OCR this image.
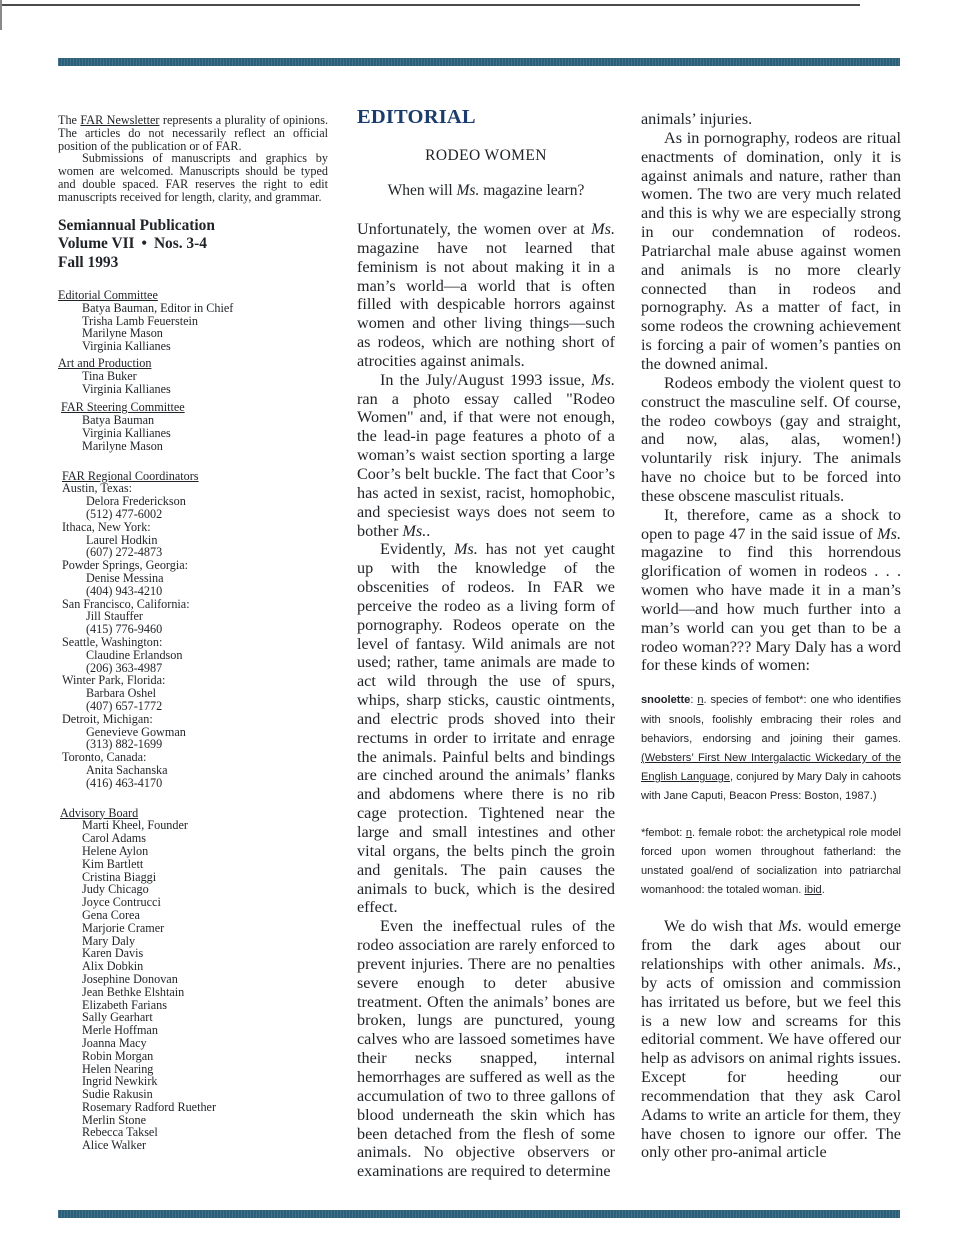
The FAR Newsletter represents a plurality of opinions. The articles do not necessarily reflect an official position of the publication or of FAR.

Submissions of manuscripts and graphics by women are welcomed. Manuscripts should be typed and double spaced. FAR reserves the right to edit manuscripts received for length, clarity, and grammar.

Semiannual Publication
Volume VII • Nos. 3-4
Fall 1993
Editorial Committee
Batya Bauman, Editor in Chief
Trisha Lamb Feuerstein
Marilyne Mason
Virginia Kallianes
Art and Production
Tina Buker
Virginia Kallianes
FAR Steering Committee
Batya Bauman
Virginia Kallianes
Marilyne Mason
FAR Regional Coordinators
Austin, Texas:
Delora Frederickson
(512) 477-6002
Ithaca, New York:
Laurel Hodkin
(607) 272-4873
Powder Springs, Georgia:
Denise Messina
(404) 943-4210
San Francisco, California:
Jill Stauffer
(415) 776-9460
Seattle, Washington:
Claudine Erlandson
(206) 363-4987
Winter Park, Florida:
Barbara Oshel
(407) 657-1772
Detroit, Michigan:
Genevieve Gowman
(313) 882-1699
Toronto, Canada:
Anita Sachanska
(416) 463-4170
Advisory Board
Marti Kheel, Founder
Carol Adams
Helene Aylon
Kim Bartlett
Cristina Biaggi
Judy Chicago
Joyce Contrucci
Gena Corea
Marjorie Cramer
Mary Daly
Karen Davis
Alix Dobkin
Josephine Donovan
Jean Bethke Elshtain
Elizabeth Farians
Sally Gearhart
Merle Hoffman
Joanna Macy
Robin Morgan
Helen Nearing
Ingrid Newkirk
Sudie Rakusin
Rosemary Radford Ruether
Merlin Stone
Rebecca Taksel
Alice Walker
EDITORIAL
RODEO WOMEN
When will Ms. magazine learn?

Unfortunately, the women over at Ms. magazine have not learned that feminism is not about making it in a man’s world—a world that is often filled with despicable horrors against women and other living things—such as rodeos, which are nothing short of atrocities against animals.

In the July/August 1993 issue, Ms. ran a photo essay called "Rodeo Women" and, if that were not enough, the lead-in page features a photo of a woman’s waist section sporting a large Coor’s belt buckle. The fact that Coor’s has acted in sexist, racist, homophobic, and speciesist ways does not seem to bother Ms..

Evidently, Ms. has not yet caught up with the knowledge of the obscenities of rodeos. In FAR we perceive the rodeo as a living form of pornography. Rodeos operate on the level of fantasy. Wild animals are not used; rather, tame animals are made to act wild through the use of spurs, whips, sharp sticks, caustic ointments, and electric prods shoved into their rectums in order to irritate and enrage the animals. Painful belts and bindings are cinched around the animals’ flanks and abdomens where there is no rib cage protection. Tightened near the large and small intestines and other vital organs, the belts pinch the groin and genitals. The pain causes the animals to buck, which is the desired effect.

Even the ineffectual rules of the rodeo association are rarely enforced to prevent injuries. There are no penalties severe enough to deter abusive treatment. Often the animals’ bones are broken, lungs are punctured, young calves who are lassoed sometimes have their necks snapped, internal hemorrhages are suffered as well as the accumulation of two to three gallons of blood underneath the skin which has been detached from the flesh of some animals. No objective observers or examinations are required to determine

animals’ injuries.

As in pornography, rodeos are ritual enactments of domination, only it is against animals and nature, rather than women. The two are very much related and this is why we are especially strong in our condemnation of rodeos. Patriarchal male abuse against women and animals is no more clearly connected than in rodeos and pornography. As a matter of fact, in some rodeos the crowning achievement is forcing a pair of women’s panties on the downed animal.

Rodeos embody the violent quest to construct the masculine self. Of course, the rodeo cowboys (gay and straight, and now, alas, alas, women!) voluntarily risk injury. The animals have no choice but to be forced into these obscene masculist rituals.

It, therefore, came as a shock to open to page 47 in the said issue of Ms. magazine to find this horrendous glorification of women in rodeos . . . women who have made it in a man’s world—and how much further into a man’s world can you get than to be a rodeo woman??? Mary Daly has a word for these kinds of women:

snoolette: n. species of fembot*: one who identifies with snools, foolishly embracing their roles and behaviors, endorsing and joining their games. (Websters’ First New Intergalactic Wickedary of the English Language, conjured by Mary Daly in cahoots with Jane Caputi, Beacon Press: Boston, 1987.)
*fembot: n. female robot: the archetypical role model forced upon women throughout fatherland: the unstated goal/end of socialization into patriarchal womanhood: the totaled woman. ibid.

We do wish that Ms. would emerge from the dark ages about our relationships with other animals. Ms., by acts of omission and commission has irritated us before, but we feel this is a new low and screams for this editorial comment. We have offered our help as advisors on animal rights issues. Except for heeding our recommendation that they ask Carol Adams to write an article for them, they have chosen to ignore our offer. The only other pro-animal article
